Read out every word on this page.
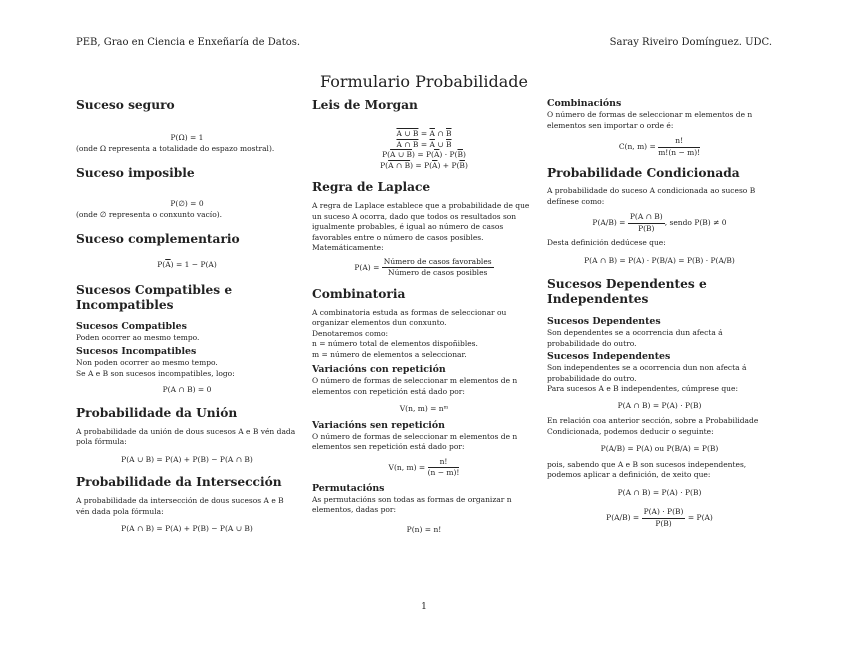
PEB, Grao en Ciencia e Enxeñaría de Datos.	Saray Riveiro Domínguez. UDC.
Formulario Probabilidade
Suceso seguro

P(Ω) = 1

(onde Ω representa a totalidade do espazo mostral).

Suceso imposible

P(∅) = 0

(onde ∅ representa o conxunto vacío).

Suceso complementario

$P(\overline{A}) = 1 - P(A)$

Sucesos Compatibles e Incompatibles
Sucesos Compatibles

Poden ocorrer ao mesmo tempo.

Sucesos Incompatibles

Non poden ocorrer ao mesmo tempo.

Se A e B son sucesos incompatibles, logo:

P(A ∩ B) = 0

Probabilidade da Unión

A probabilidade da unión de dous sucesos A e B vén dada pola fórmula:

P(A ∪ B) = P(A) + P(B) − P(A ∩ B)

Probabilidade da Intersección

A probabilidade da intersección de dous sucesos A e B vén dada pola fórmula:

P(A ∩ B) = P(A) + P(B) − P(A ∪ B)

Leis de Morgan

A ∪ $B = \overline{A}$ ∩ $\overline{B}$

A ∩ $B = \overline{A}$ ∪ $\overline{B}$

P(A ∪ $B) = P(\overline{A}) \cdot P(\overline{B})$

P(A ∩ $B) = P(\overline{A}) + P(\overline{B})$

Regra de Laplace

A regra de Laplace establece que a probabilidade de que un suceso A ocorra, dado que todos os resultados son igualmente probables, é igual ao número de casos favorables entre o número de casos posibles. Matemáticamente:

$P(A) = \frac{\text{Número de casos favorables}}{\text{Número de casos posibles}}$

Combinatoria

A combinatoria estuda as formas de seleccionar ou organizar elementos dun conxunto.

Denotaremos como:

n = número total de elementos dispoñibles.

m = número de elementos a seleccionar.

Variacións con repetición

O número de formas de seleccionar m elementos de n elementos con repetición está dado por:

V(n, m) = nᵐ

Variacións sen repetición

O número de formas de seleccionar m elementos de n elementos sen repetición está dado por:

V(n, $m) = \frac{n!}{(n - m)!}$

Permutacións

As permutacións son todas as formas de organizar n elementos, dadas por:

P(n) = n!

Combinacións

O número de formas de seleccionar m elementos de n elementos sen importar o orde é:

C(n, $m) = \frac{n!}{m!(n - m)!}$

Probabilidade Condicionada

A probabilidade do suceso A condicionada ao suceso B defínese como:

$P(A/B) = \frac{P(A \cap B)}{P(B)}$ , sendo P(B) ≠ 0

Desta definición dedúcese que:

P(A ∩ B) = P(A) · P(B/A) = P(B) · P(A/B)

Sucesos Dependentes e Independentes
Sucesos Dependentes

Son dependentes se a ocorrencia dun afecta á probabilidade do outro.

Sucesos Independentes

Son independentes se a ocorrencia dun non afecta á probabilidade do outro.

Para sucesos A e B independentes, cúmprese que:

P(A ∩ B) = P(A) · P(B)

En relación coa anterior sección, sobre a Probabilidade Condicionada, podemos deducir o seguinte:

P(A/B) = P(A) ou P(B/A) = P(B)

pois, sabendo que A e B son sucesos independentes, podemos aplicar a definición, de xeito que:

P(A ∩ B) = P(A) · P(B)

$P(A/B) = \frac{P(A) \cdot P(B)}{P(B)} = P(A)$

1
